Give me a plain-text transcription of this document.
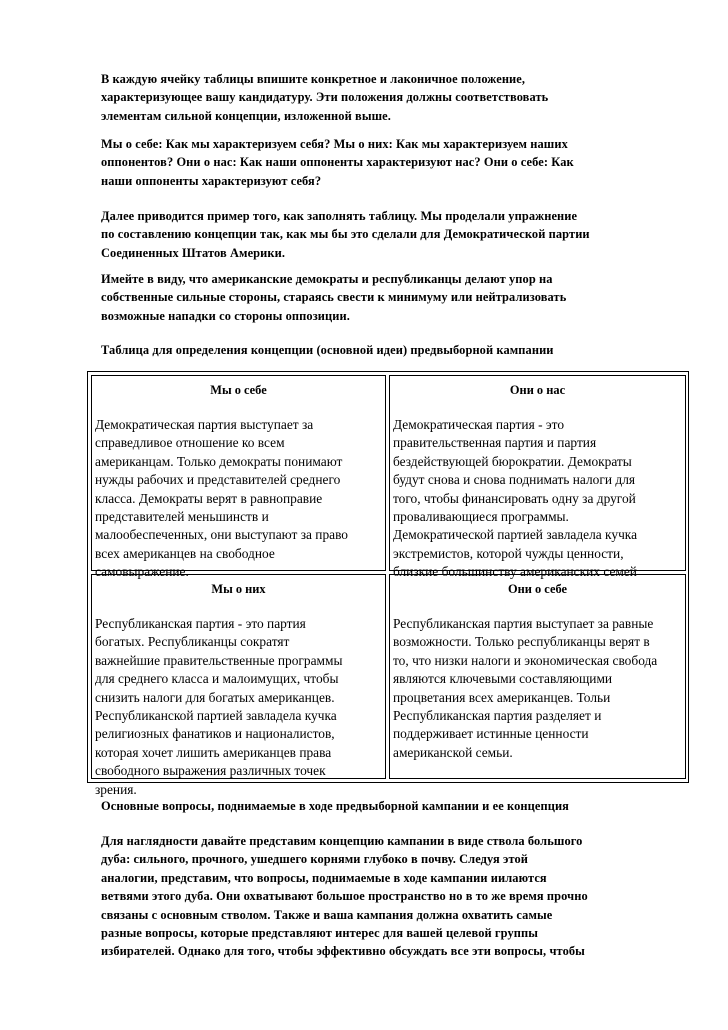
В каждую ячейку таблицы впишите конкретное и лаконичное положение,
характеризующее вашу кандидатуру. Эти положения должны соответствовать
элементам сильной концепции, изложенной выше.
Мы о себе: Как мы характеризуем себя? Мы о них: Как мы характеризуем наших
оппонентов? Они о нас: Как наши оппоненты характеризуют нас? Они о себе: Как
наши оппоненты характеризуют себя?
Далее приводится пример того, как заполнять таблицу. Мы проделали упражнение
по составлению концепции так, как мы бы это сделали для Демократической партии
Соединенных Штатов Америки.
Имейте в виду, что американские демократы и республиканцы делают упор на
собственные сильные стороны, стараясь свести к минимуму или нейтрализовать
возможные нападки со стороны оппозиции.
Таблица для определения концепции (основной идеи) предвыборной кампании
Мы о себе
Демократическая партия выступает за
справедливое отношение ко всем
американцам. Только демократы понимают
нужды рабочих и представителей среднего
класса. Демократы верят в равноправие
представителей меньшинств и
малообеспеченных, они выступают за право
всех американцев на свободное
самовыражение.
Они о нас
Демократическая партия - это
правительственная партия и партия
бездействующей бюрократии. Демократы
будут снова и снова поднимать налоги для
того, чтобы финансировать одну за другой
проваливающиеся программы.
Демократической партией завладела кучка
экстремистов, которой чужды ценности,
близкие большинству американских семей
Мы о них
Республиканская партия - это партия
богатых. Республиканцы сократят
важнейшие правительственные программы
для среднего класса и малоимущих, чтобы
снизить налоги для богатых американцев.
Республиканской партией завладела кучка
религиозных фанатиков и националистов,
которая хочет лишить американцев права
свободного выражения различных точек
зрения.
Они о себе
Республиканская партия выступает за равные
возможности. Только республиканцы верят в
то, что низки налоги и экономическая свобода
являются ключевыми составляющими
процветания всех американцев. Тольи
Республиканская партия разделяет и
поддерживает истинные ценности
американской семьи.
Основные вопросы, поднимаемые в ходе предвыборной кампании и ее концепция
Для наглядности давайте представим концепцию кампании в виде ствола большого
дуба: сильного, прочного, ушедшего корнями глубоко в почву. Следуя этой
аналогии, представим, что вопросы, поднимаемые в ходе кампании иилаются
ветвями этого дуба. Они охватывают большое пространство но в то же время прочно
связаны с основным стволом. Также и ваша кампания должна охватить самые
разные вопросы, которые представляют интерес для вашей целевой группы
избирателей. Однако для того, чтобы эффективно обсуждать все эти вопросы, чтобы
